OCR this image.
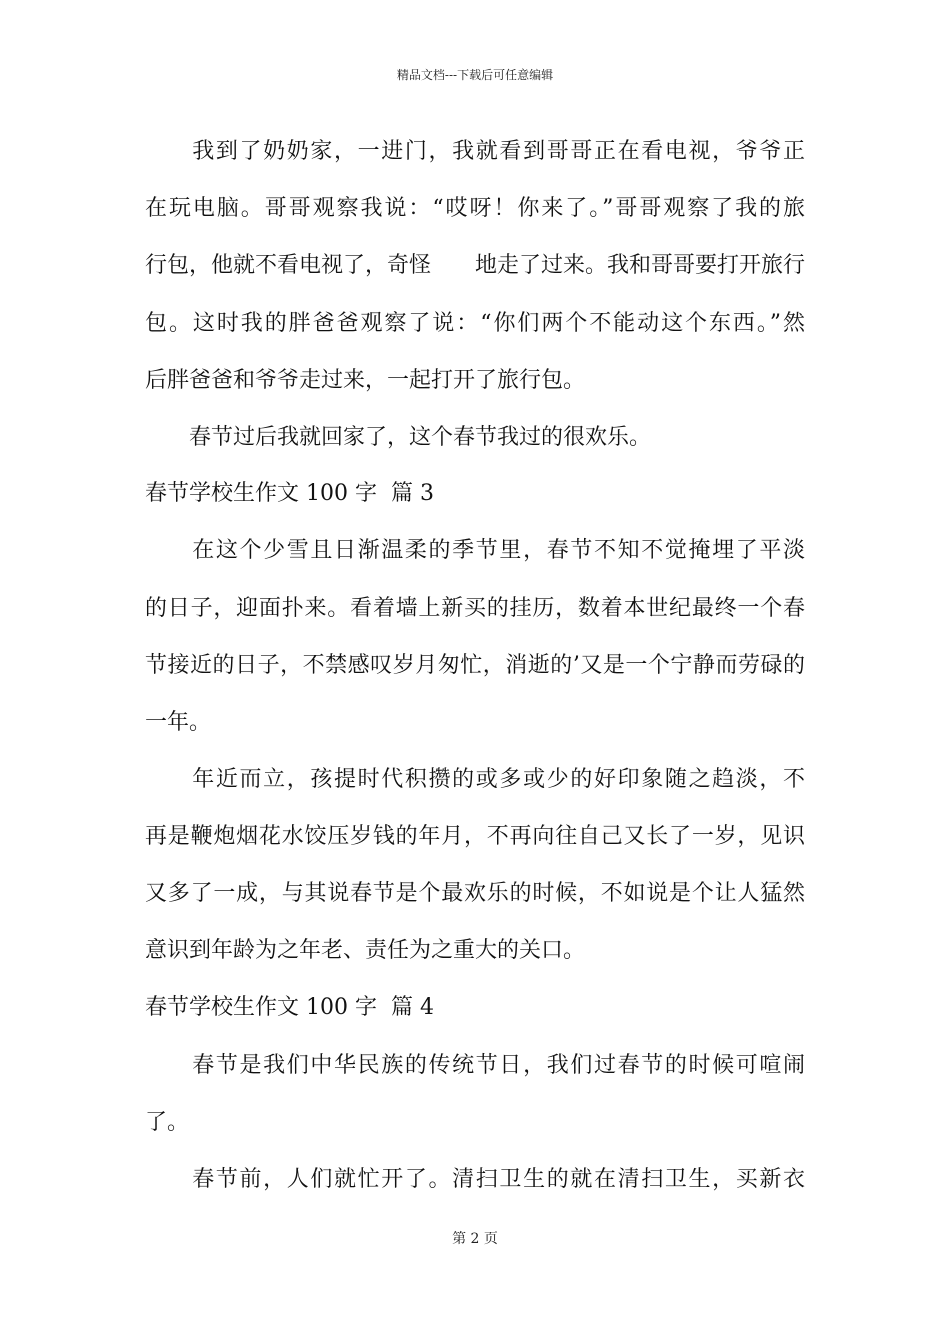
精品文档---下载后可任意编辑
　　我到了奶奶家，一进门，我就看到哥哥正在看电视，爷爷正
在玩电脑。哥哥观察我说：“哎呀！你来了。”哥哥观察了我的旅
行包，他就不看电视了，奇怪　　地走了过来。我和哥哥要打开旅行
包。这时我的胖爸爸观察了说：“你们两个不能动这个东西。”然
后胖爸爸和爷爷走过来，一起打开了旅行包。
　　春节过后我就回家了，这个春节我过的很欢乐。
春节学校生作文 100 字  篇 3
　　在这个少雪且日渐温柔的季节里，春节不知不觉掩埋了平淡
的日子，迎面扑来。看着墙上新买的挂历，数着本世纪最终一个春
节接近的日子，不禁感叹岁月匆忙，消逝的’又是一个宁静而劳碌的
一年。
　　年近而立，孩提时代积攒的或多或少的好印象随之趋淡，不
再是鞭炮烟花水饺压岁钱的年月，不再向往自己又长了一岁，见识
又多了一成，与其说春节是个最欢乐的时候，不如说是个让人猛然
意识到年龄为之年老、责任为之重大的关口。
春节学校生作文 100 字  篇 4
　　春节是我们中华民族的传统节日，我们过春节的时候可喧闹
了。
　　春节前，人们就忙开了。清扫卫生的就在清扫卫生，买新衣
第 2 页
